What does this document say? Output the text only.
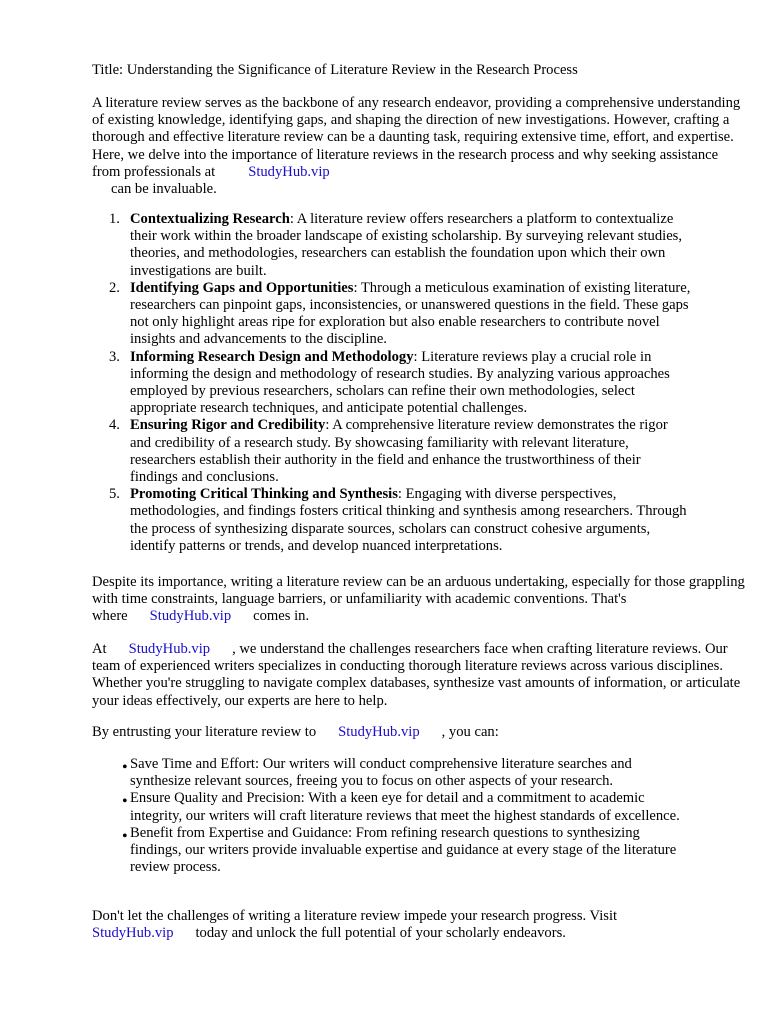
Title: Understanding the Significance of Literature Review in the Research Process

A literature review serves as the backbone of any research endeavor, providing a comprehensive understanding of existing knowledge, identifying gaps, and shaping the direction of new investigations. However, crafting a thorough and effective literature review can be a daunting task, requiring extensive time, effort, and expertise. Here, we delve into the importance of literature reviews in the research process and why seeking assistance from professionals at StudyHub.vip
can be invaluable.

1. Contextualizing Research: A literature review offers researchers a platform to contextualize their work within the broader landscape of existing scholarship. By surveying relevant studies, theories, and methodologies, researchers can establish the foundation upon which their own investigations are built.
2. Identifying Gaps and Opportunities: Through a meticulous examination of existing literature, researchers can pinpoint gaps, inconsistencies, or unanswered questions in the field. These gaps not only highlight areas ripe for exploration but also enable researchers to contribute novel insights and advancements to the discipline.
3. Informing Research Design and Methodology: Literature reviews play a crucial role in informing the design and methodology of research studies. By analyzing various approaches employed by previous researchers, scholars can refine their own methodologies, select appropriate research techniques, and anticipate potential challenges.
4. Ensuring Rigor and Credibility: A comprehensive literature review demonstrates the rigor and credibility of a research study. By showcasing familiarity with relevant literature, researchers establish their authority in the field and enhance the trustworthiness of their findings and conclusions.
5. Promoting Critical Thinking and Synthesis: Engaging with diverse perspectives, methodologies, and findings fosters critical thinking and synthesis among researchers. Through the process of synthesizing disparate sources, scholars can construct cohesive arguments, identify patterns or trends, and develop nuanced interpretations.

Despite its importance, writing a literature review can be an arduous undertaking, especially for those grappling with time constraints, language barriers, or unfamiliarity with academic conventions. That's where StudyHub.vip comes in.

At StudyHub.vip , we understand the challenges researchers face when crafting literature reviews. Our team of experienced writers specializes in conducting thorough literature reviews across various disciplines. Whether you're struggling to navigate complex databases, synthesize vast amounts of information, or articulate your ideas effectively, our experts are here to help.

By entrusting your literature review to StudyHub.vip , you can:

• Save Time and Effort: Our writers will conduct comprehensive literature searches and synthesize relevant sources, freeing you to focus on other aspects of your research.
• Ensure Quality and Precision: With a keen eye for detail and a commitment to academic integrity, our writers will craft literature reviews that meet the highest standards of excellence.
• Benefit from Expertise and Guidance: From refining research questions to synthesizing findings, our writers provide invaluable expertise and guidance at every stage of the literature review process.

Don't let the challenges of writing a literature review impede your research progress. Visit
StudyHub.vip today and unlock the full potential of your scholarly endeavors.
